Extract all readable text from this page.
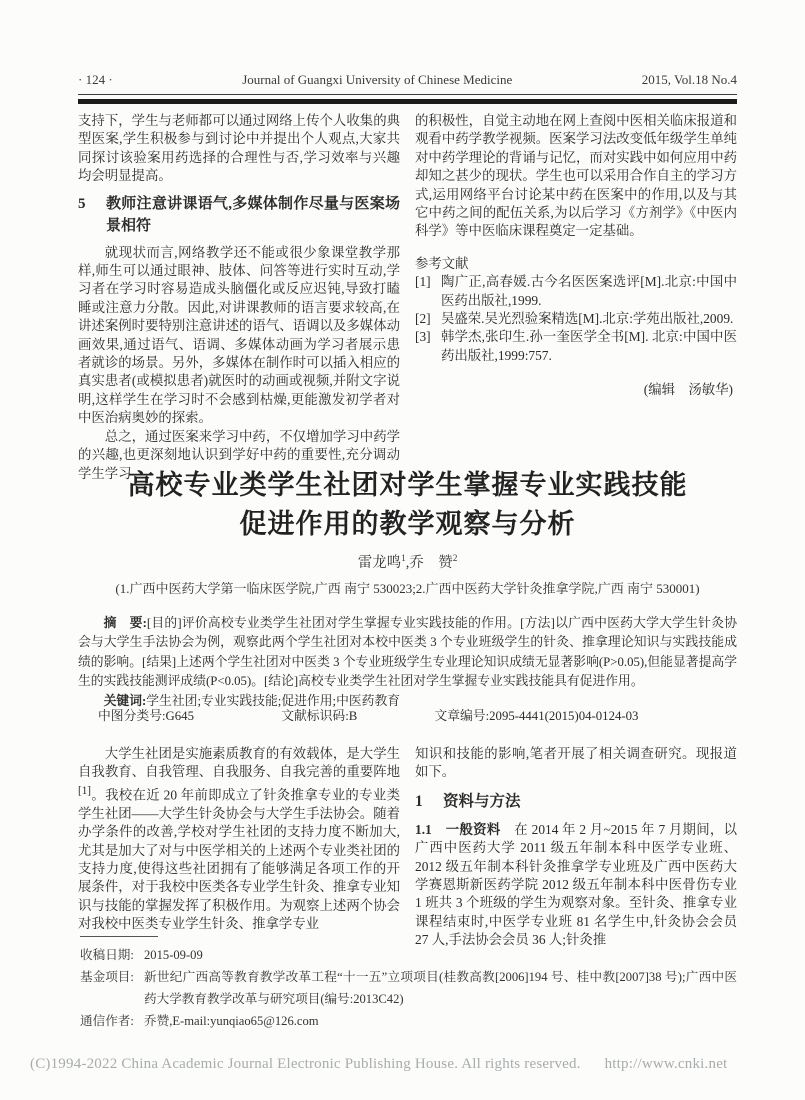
· 124 ·	Journal of Guangxi University of Chinese Medicine	2015, Vol.18 No.4

支持下，学生与老师都可以通过网络上传个人收集的典型医案,学生积极参与到讨论中并提出个人观点,大家共同探讨该验案用药选择的合理性与否,学习效率与兴趣均会明显提高。

5	教师注意讲课语气,多媒体制作尽量与医案场景相符

就现状而言,网络教学还不能或很少象课堂教学那样,师生可以通过眼神、肢体、问答等进行实时互动,学习者在学习时容易造成头脑僵化或反应迟钝,导致打瞌睡或注意力分散。因此,对讲课教师的语言要求较高,在讲述案例时要特别注意讲述的语气、语调以及多媒体动画效果,通过语气、语调、多媒体动画为学习者展示患者就诊的场景。另外，多媒体在制作时可以插入相应的真实患者(或模拟患者)就医时的动画或视频,并附文字说明,这样学生在学习时不会感到枯燥,更能激发初学者对中医治病奥妙的探索。

总之，通过医案来学习中药，不仅增加学习中药学的兴趣,也更深刻地认识到学好中药的重要性,充分调动学生学习

的积极性，自觉主动地在网上查阅中医相关临床报道和观看中药学教学视频。医案学习法改变低年级学生单纯对中药学理论的背诵与记忆，而对实践中如何应用中药却知之甚少的现状。学生也可以采用合作自主的学习方式,运用网络平台讨论某中药在医案中的作用,以及与其它中药之间的配伍关系,为以后学习《方剂学》《中医内科学》等中医临床课程奠定一定基础。

参考文献

[1] 陶广正,高春媛.古今名医医案选评[M].北京:中国中医药出版社,1999.
[2] 吴盛荣.吴光烈验案精选[M].北京:学苑出版社,2009.
[3] 韩学杰,张印生.孙一奎医学全书[M]. 北京:中国中医药出版社,1999:757.

(编辑　汤敏华)

高校专业类学生社团对学生掌握专业实践技能
促进作用的教学观察与分析
雷龙鸣$^1$,乔　赞$^2$
(1.广西中医药大学第一临床医学院,广西 南宁 530023;2.广西中医药大学针灸推拿学院,广西 南宁 530001)

摘　要:[目的]评价高校专业类学生社团对学生掌握专业实践技能的作用。[方法]以广西中医药大学大学生针灸协会与大学生手法协会为例，观察此两个学生社团对本校中医类 3 个专业班级学生的针灸、推拿理论知识与实践技能成绩的影响。[结果]上述两个学生社团对中医类 3 个专业班级学生专业理论知识成绩无显著影响(P>0.05),但能显著提高学生的实践技能测评成绩(P<0.05)。[结论]高校专业类学生社团对学生掌握专业实践技能具有促进作用。

关键词:学生社团;专业实践技能;促进作用;中医药教育

中图分类号:G645	文献标识码:B	文章编号:2095-4441(2015)04-0124-03

大学生社团是实施素质教育的有效载体，是大学生自我教育、自我管理、自我服务、自我完善的重要阵地[1]。我校在近 20 年前即成立了针灸推拿专业的专业类学生社团——大学生针灸协会与大学生手法协会。随着办学条件的改善,学校对学生社团的支持力度不断加大,尤其是加大了对与中医学相关的上述两个专业类社团的支持力度,使得这些社团拥有了能够满足各项工作的开展条件，对于我校中医类各专业学生针灸、推拿专业知识与技能的掌握发挥了积极作用。为观察上述两个协会对我校中医类专业学生针灸、推拿学专业

知识和技能的影响,笔者开展了相关调查研究。现报道如下。

1	资料与方法

1.1　 一般资料　 在 2014 年 2 月~2015 年 7 月期间，以广西中医药大学 2011 级五年制本科中医学专业班、2012 级五年制本科针灸推拿学专业班及广西中医药大学赛恩斯新医药学院 2012 级五年制本科中医骨伤专业 1 班共 3 个班级的学生为观察对象。至针灸、推拿专业课程结束时,中医学专业班 81 名学生中,针灸协会会员 27 人,手法协会会员 36 人;针灸推

收稿日期: 2015-09-09
基金项目: 新世纪广西高等教育教学改革工程“十一五”立项项目(桂教高教[2006]194 号、桂中教[2007]38 号);广西中医药大学教育教学改革与研究项目(编号:2013C42)
通信作者: 乔赞,E-mail:yunqiao65@126.com
(C)1994-2022 China Academic Journal Electronic Publishing House. All rights reserved. http://www.cnki.net
